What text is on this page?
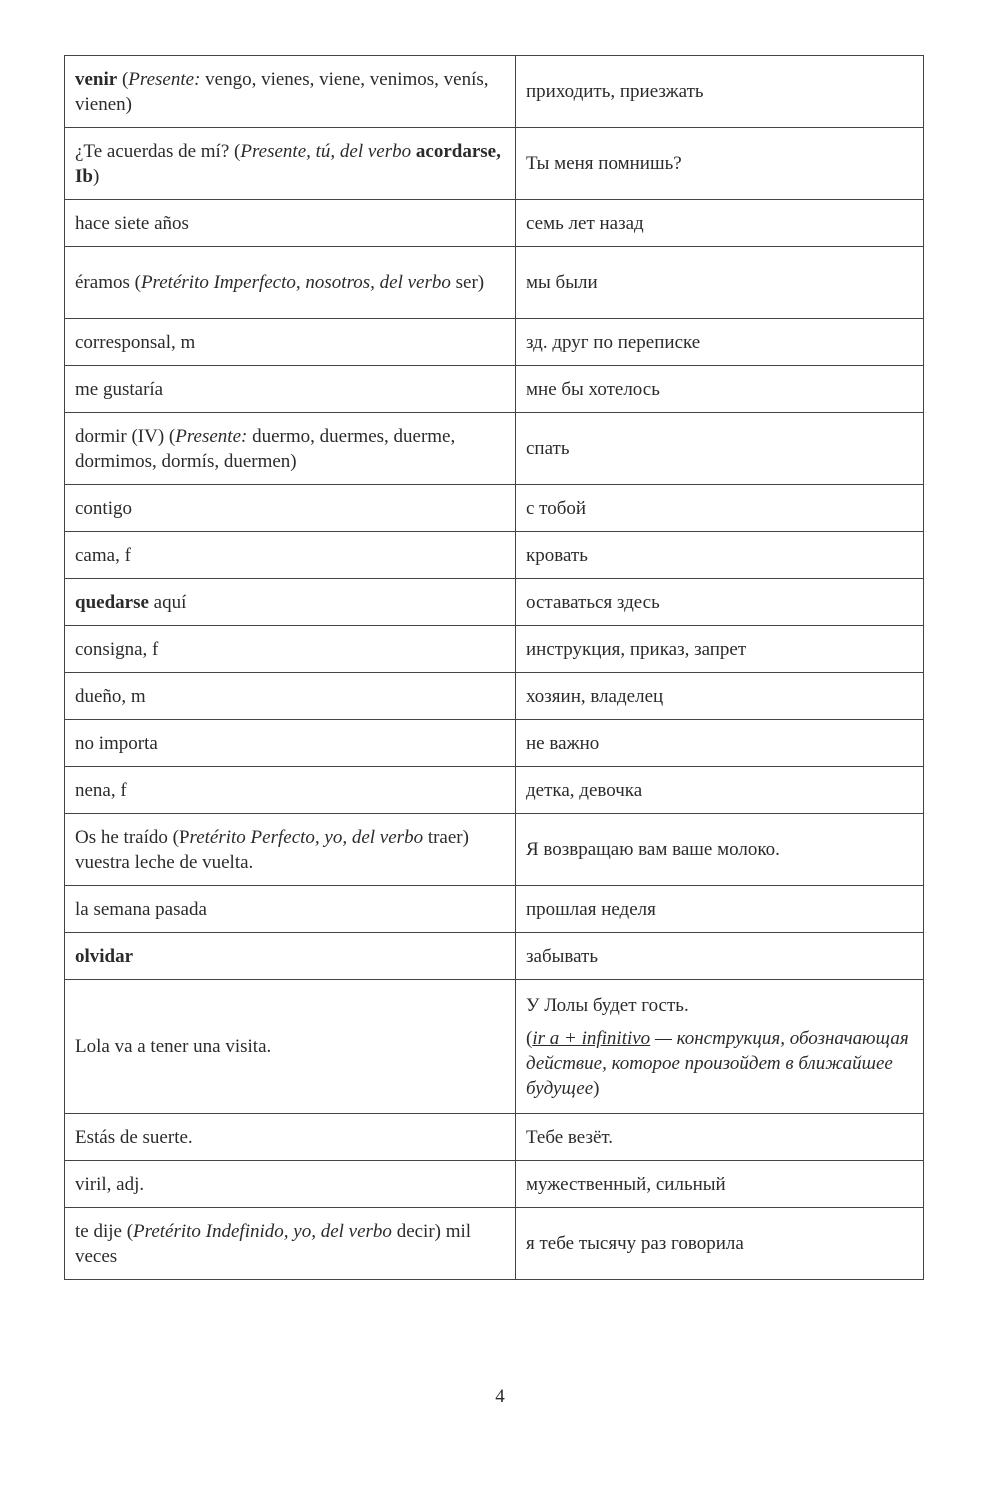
venir (Presente: vengo, vienes, viene, venimos, venís, vienen)	приходить, приезжать
¿Te acuerdas de mí? (Presente, tú, del verbo acordarse, Ib)	Ты меня помнишь?
hace siete años	семь лет назад
éramos (Pretérito Imperfecto, nosotros, del verbo ser)	мы были
corresponsal, m	зд. друг по переписке
me gustaría	мне бы хотелось
dormir (IV) (Presente: duermo, duermes, duerme, dormimos, dormís, duermen)	спать
contigo	с тобой
cama, f	кровать
quedarse aquí	оставаться здесь
consigna, f	инструкция, приказ, запрет
dueño, m	хозяин, владелец
no importa	не важно
nena, f	детка, девочка
Os he traído (Pretérito Perfecto, yo, del verbo traer) vuestra leche de vuelta.	Я возвращаю вам ваше молоко.
la semana pasada	прошлая неделя
olvidar	забывать
Lola va a tener una visita.	У Лолы будет гость.

(ir a + infinitivo — конструкция, обозначающая действие, которое произойдет в ближайшее будущее)

Estás de suerte.	Тебе везёт.
viril, adj.	мужественный, сильный
te dije (Pretérito Indefinido, yo, del verbo decir) mil veces	я тебе тысячу раз говорила
4
